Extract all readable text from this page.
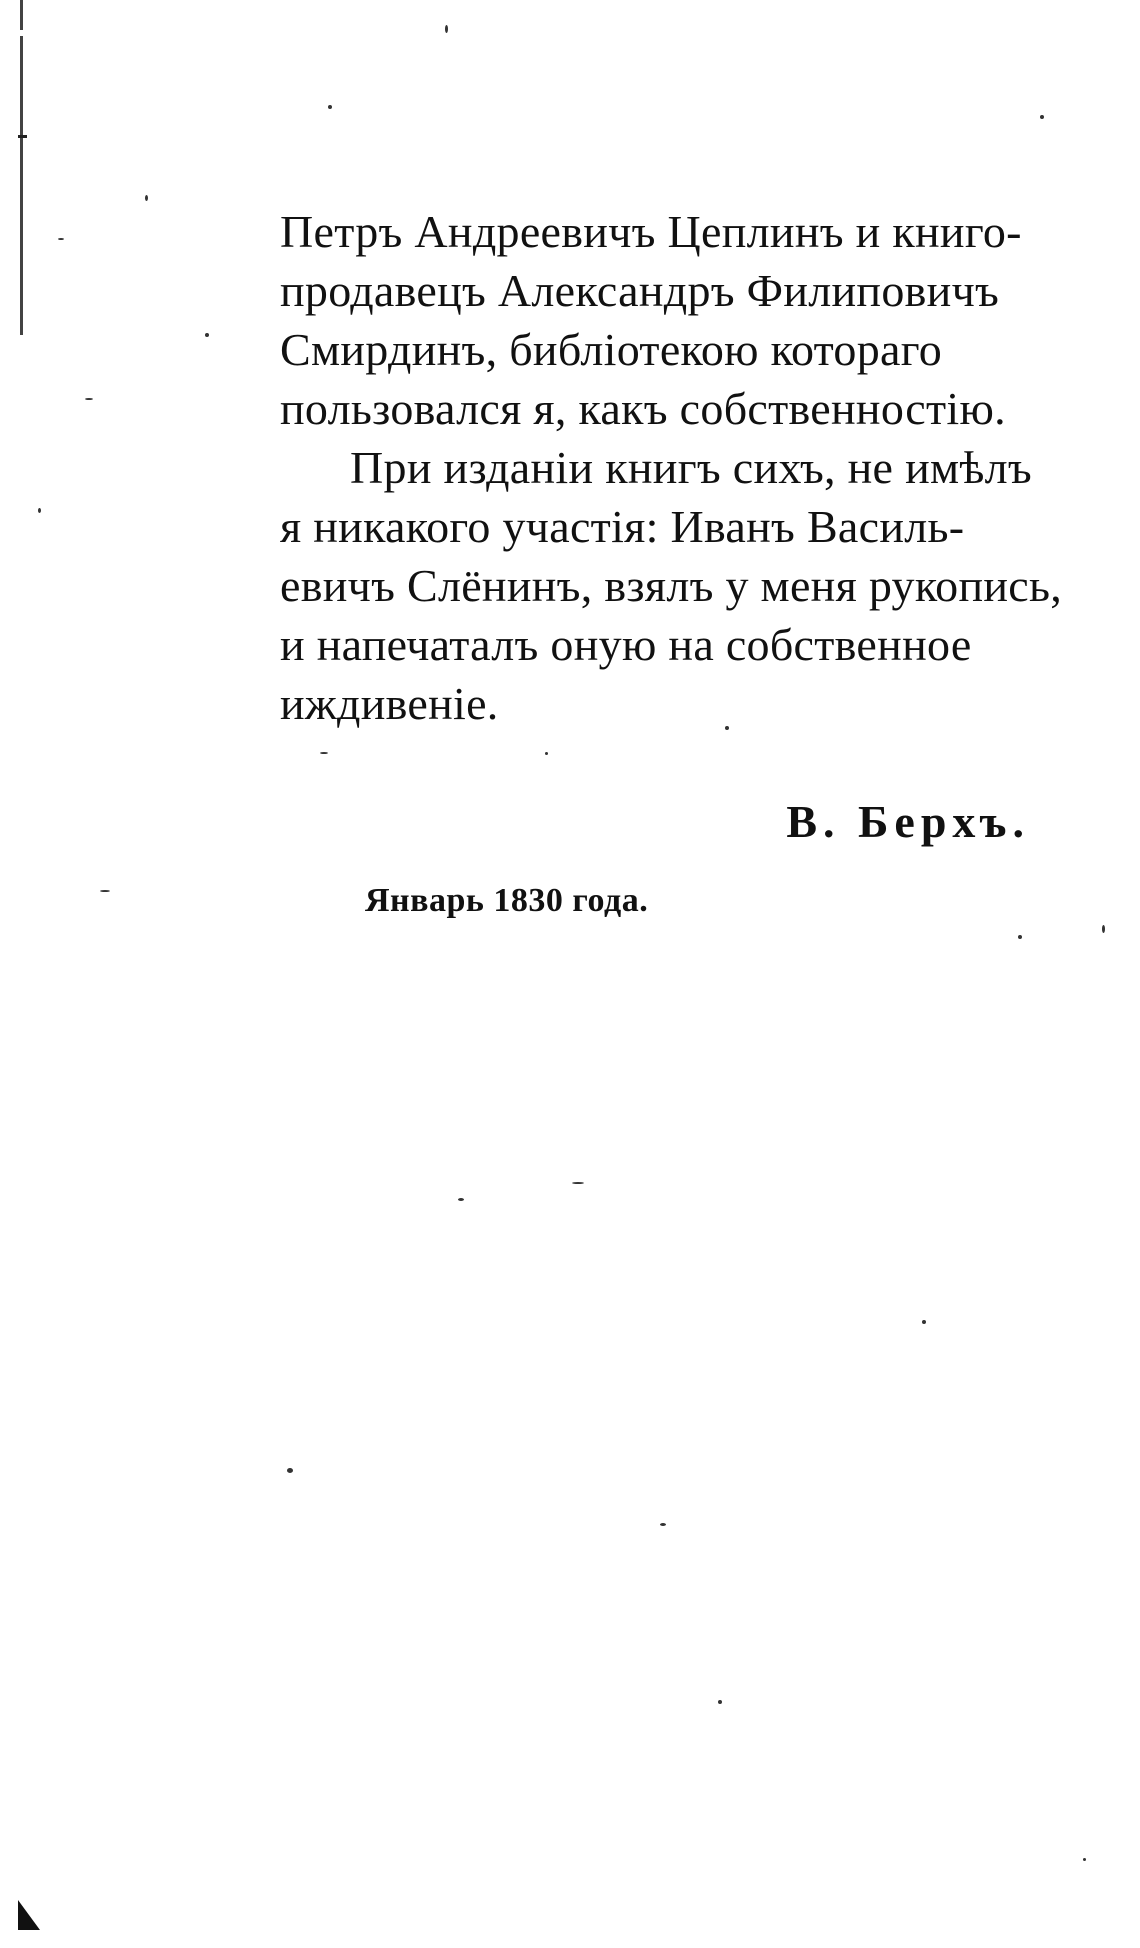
Петръ Андреевичъ Цеплинъ и книго-
продавецъ Александръ Филиповичъ
Смирдинъ, библіотекою котораго
пользовался я, какъ собственностію.

При изданіи книгъ сихъ, не имѣлъ
я никакого участія: Иванъ Василь-
евичъ Слёнинъ, взялъ у меня рукопись,
и напечаталъ оную на собственное
иждивеніе.

В. Берхъ.
Январь 1830 года.
